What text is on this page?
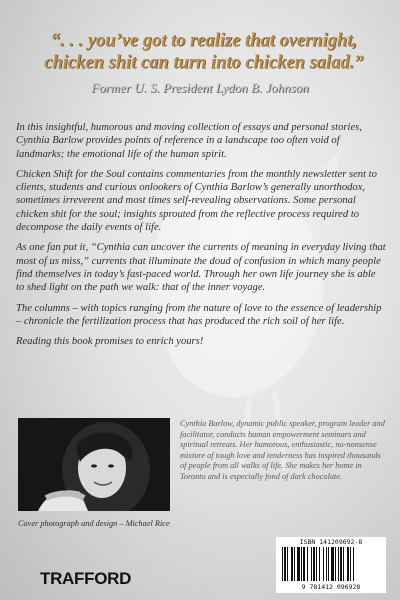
“. . . you’ve got to realize that overnight,
chicken shit can turn into chicken salad.”
Former U. S. President Lydon B. Johnson

In this insightful, humorous and moving collection of essays and personal stories, Cynthia Barlow provides points of reference in a landscape too often void of landmarks; the emotional life of the human spirit.

Chicken Shift for the Soul contains commentaries from the monthly newsletter sent to clients, students and curious onlookers of Cynthia Barlow’s generally unorthodox, sometimes irreverent and most times self-revealing observations. Some personal chicken shit for the soul; insights sprouted from the reflective process required to decompose the daily events of life.

As one fan put it, “Cynthia can uncover the currents of meaning in everyday living that most of us miss,” currents that illuminate the doud of confusion in which many people find themselves in today’s fast-paced world. Through her own life journey she is able to shed light on the path we walk: that of the inner voyage.

The columns – with topics ranging from the nature of love to the essence of leadership – chronicle the fertilization process that has produced the rich soil of her life.

Reading this book promises to enrich yours!

Cover photograph and design – Michael Rice
Cynthia Barlow, dynamic public speaker, program leader and facilitator, conducts human empowerment seminars and spiritual retreats. Her humorous, enthusiastic, no-nonsense mixture of tough love and tenderness has inspired thousands of people from all walks of life. She makes her home in Toronto and is especially fond of dark chocolate.
TRAFFORD
ISBN 141209692-8
9 781412 096928
